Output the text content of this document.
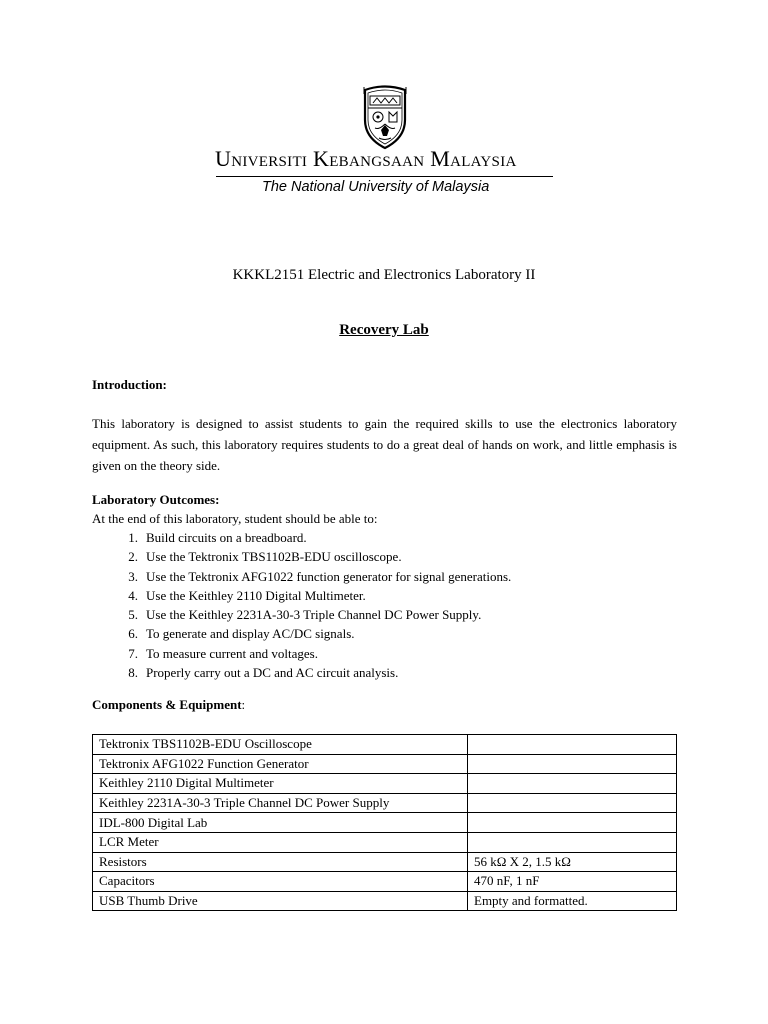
Universiti Kebangsaan Malaysia
The National University of Malaysia
KKKL2151 Electric and Electronics Laboratory II
Recovery Lab
Introduction:
This laboratory is designed to assist students to gain the required skills to use the electronics laboratory equipment. As such, this laboratory requires students to do a great deal of hands on work, and little emphasis is given on the theory side.
Laboratory Outcomes:
At the end of this laboratory, student should be able to:
1. Build circuits on a breadboard.
2. Use the Tektronix TBS1102B-EDU oscilloscope.
3. Use the Tektronix AFG1022 function generator for signal generations.
4. Use the Keithley 2110 Digital Multimeter.
5. Use the Keithley 2231A-30-3 Triple Channel DC Power Supply.
6. To generate and display AC/DC signals.
7. To measure current and voltages.
8. Properly carry out a DC and AC circuit analysis.
Components & Equipment:
Tektronix TBS1102B-EDU Oscilloscope	
Tektronix AFG1022 Function Generator	
Keithley 2110 Digital Multimeter	
Keithley 2231A-30-3 Triple Channel DC Power Supply	
IDL-800 Digital Lab	
LCR Meter	
Resistors	56 kΩ X 2, 1.5 kΩ
Capacitors	470 nF, 1 nF
USB Thumb Drive	Empty and formatted.
